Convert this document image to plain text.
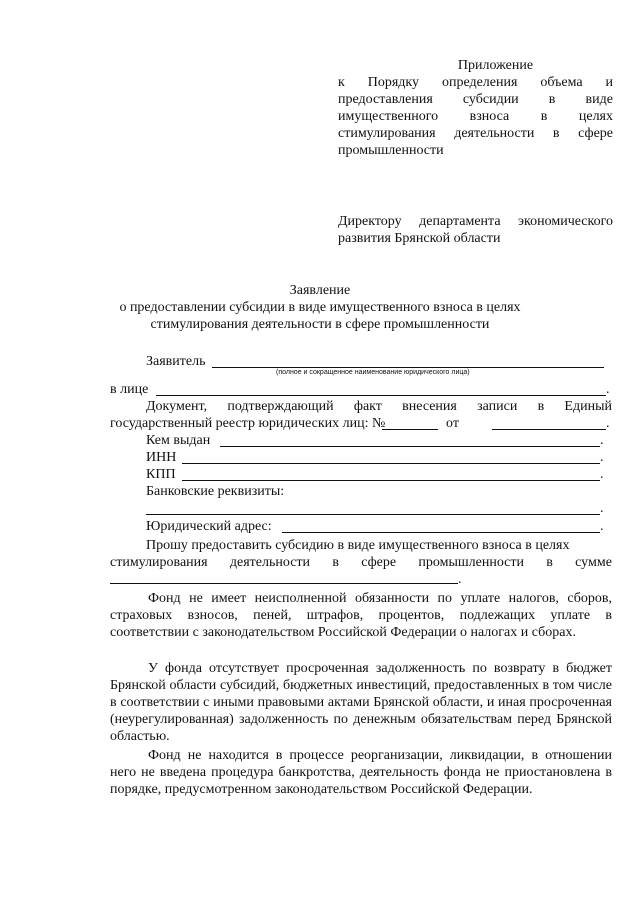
Приложение

к Порядку определения объема и предоставления субсидии в виде имущественного взноса в целях стимулирования деятельности в сфере промышленности

Директору департамента экономического развития Брянской области

Заявление

о предоставлении субсидии в виде имущественного взноса в целях стимулирования деятельности в сфере промышленности

Заявитель
(полное и сокращенное наименование юридического лица)
в лице	.
Документ, подтверждающий факт внесения записи в Единый
государственный реестр юридических лиц: №	от	.
Кем выдан	.
ИНН	.
КПП	.
Банковские реквизиты:
.
Юридический адрес:	.
Прошу предоставить субсидию в виде имущественного взноса в целях
стимулирования деятельности в сфере промышленности в сумме
.

Фонд не имеет неисполненной обязанности по уплате налогов, сборов, страховых взносов, пеней, штрафов, процентов, подлежащих уплате в соответствии с законодательством Российской Федерации о налогах и сборах.

У фонда отсутствует просроченная задолженность по возврату в бюджет Брянской области субсидий, бюджетных инвестиций, предоставленных в том числе в соответствии с иными правовыми актами Брянской области, и иная просроченная (неурегулированная) задолженность по денежным обязательствам перед Брянской областью.

Фонд не находится в процессе реорганизации, ликвидации, в отношении него не введена процедура банкротства, деятельность фонда не приостановлена в порядке, предусмотренном законодательством Российской Федерации.
